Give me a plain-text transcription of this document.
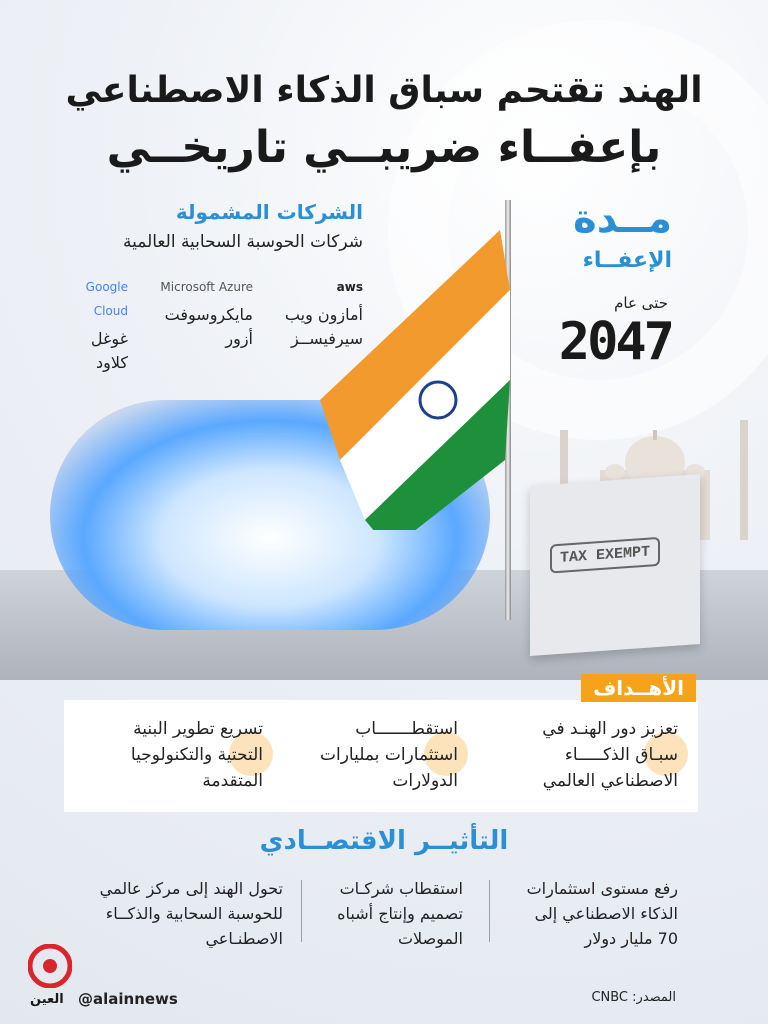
الهند تقتحم سباق الذكاء الاصطناعي
بإعفــاء ضريبــي تاريخــي
الشركات المشمولة
شركات الحوسبة السحابية العالمية
aws
أمازون ويب
سيرفيســز
Microsoft Azure
مايكروسوفت
أزور
Google Cloud
غوغل
كلاود
مــدة
الإعفــاء
حتى عام
2047
TAX EXEMPT
الأهــداف
تعزيز دور الهنـد في
سبـاق الذكـــــاء
الاصطناعي العالمي
استقطـــــــاب
استثمارات بمليارات
الدولارات
تسريع تطوير البنية
التحتية والتكنولوجيا
المتقدمة
التأثيــر الاقتصــادي
رفع مستوى استثمارات
الذكاء الاصطناعي إلى
70 مليار دولار
استقطاب شركـات
تصميم وإنتاج أشباه
الموصلات
تحول الهند إلى مركز عالمي
للحوسبة السحابية والذكــاء
الاصطنـاعي
المصدر: CNBC
العين @alainnews
